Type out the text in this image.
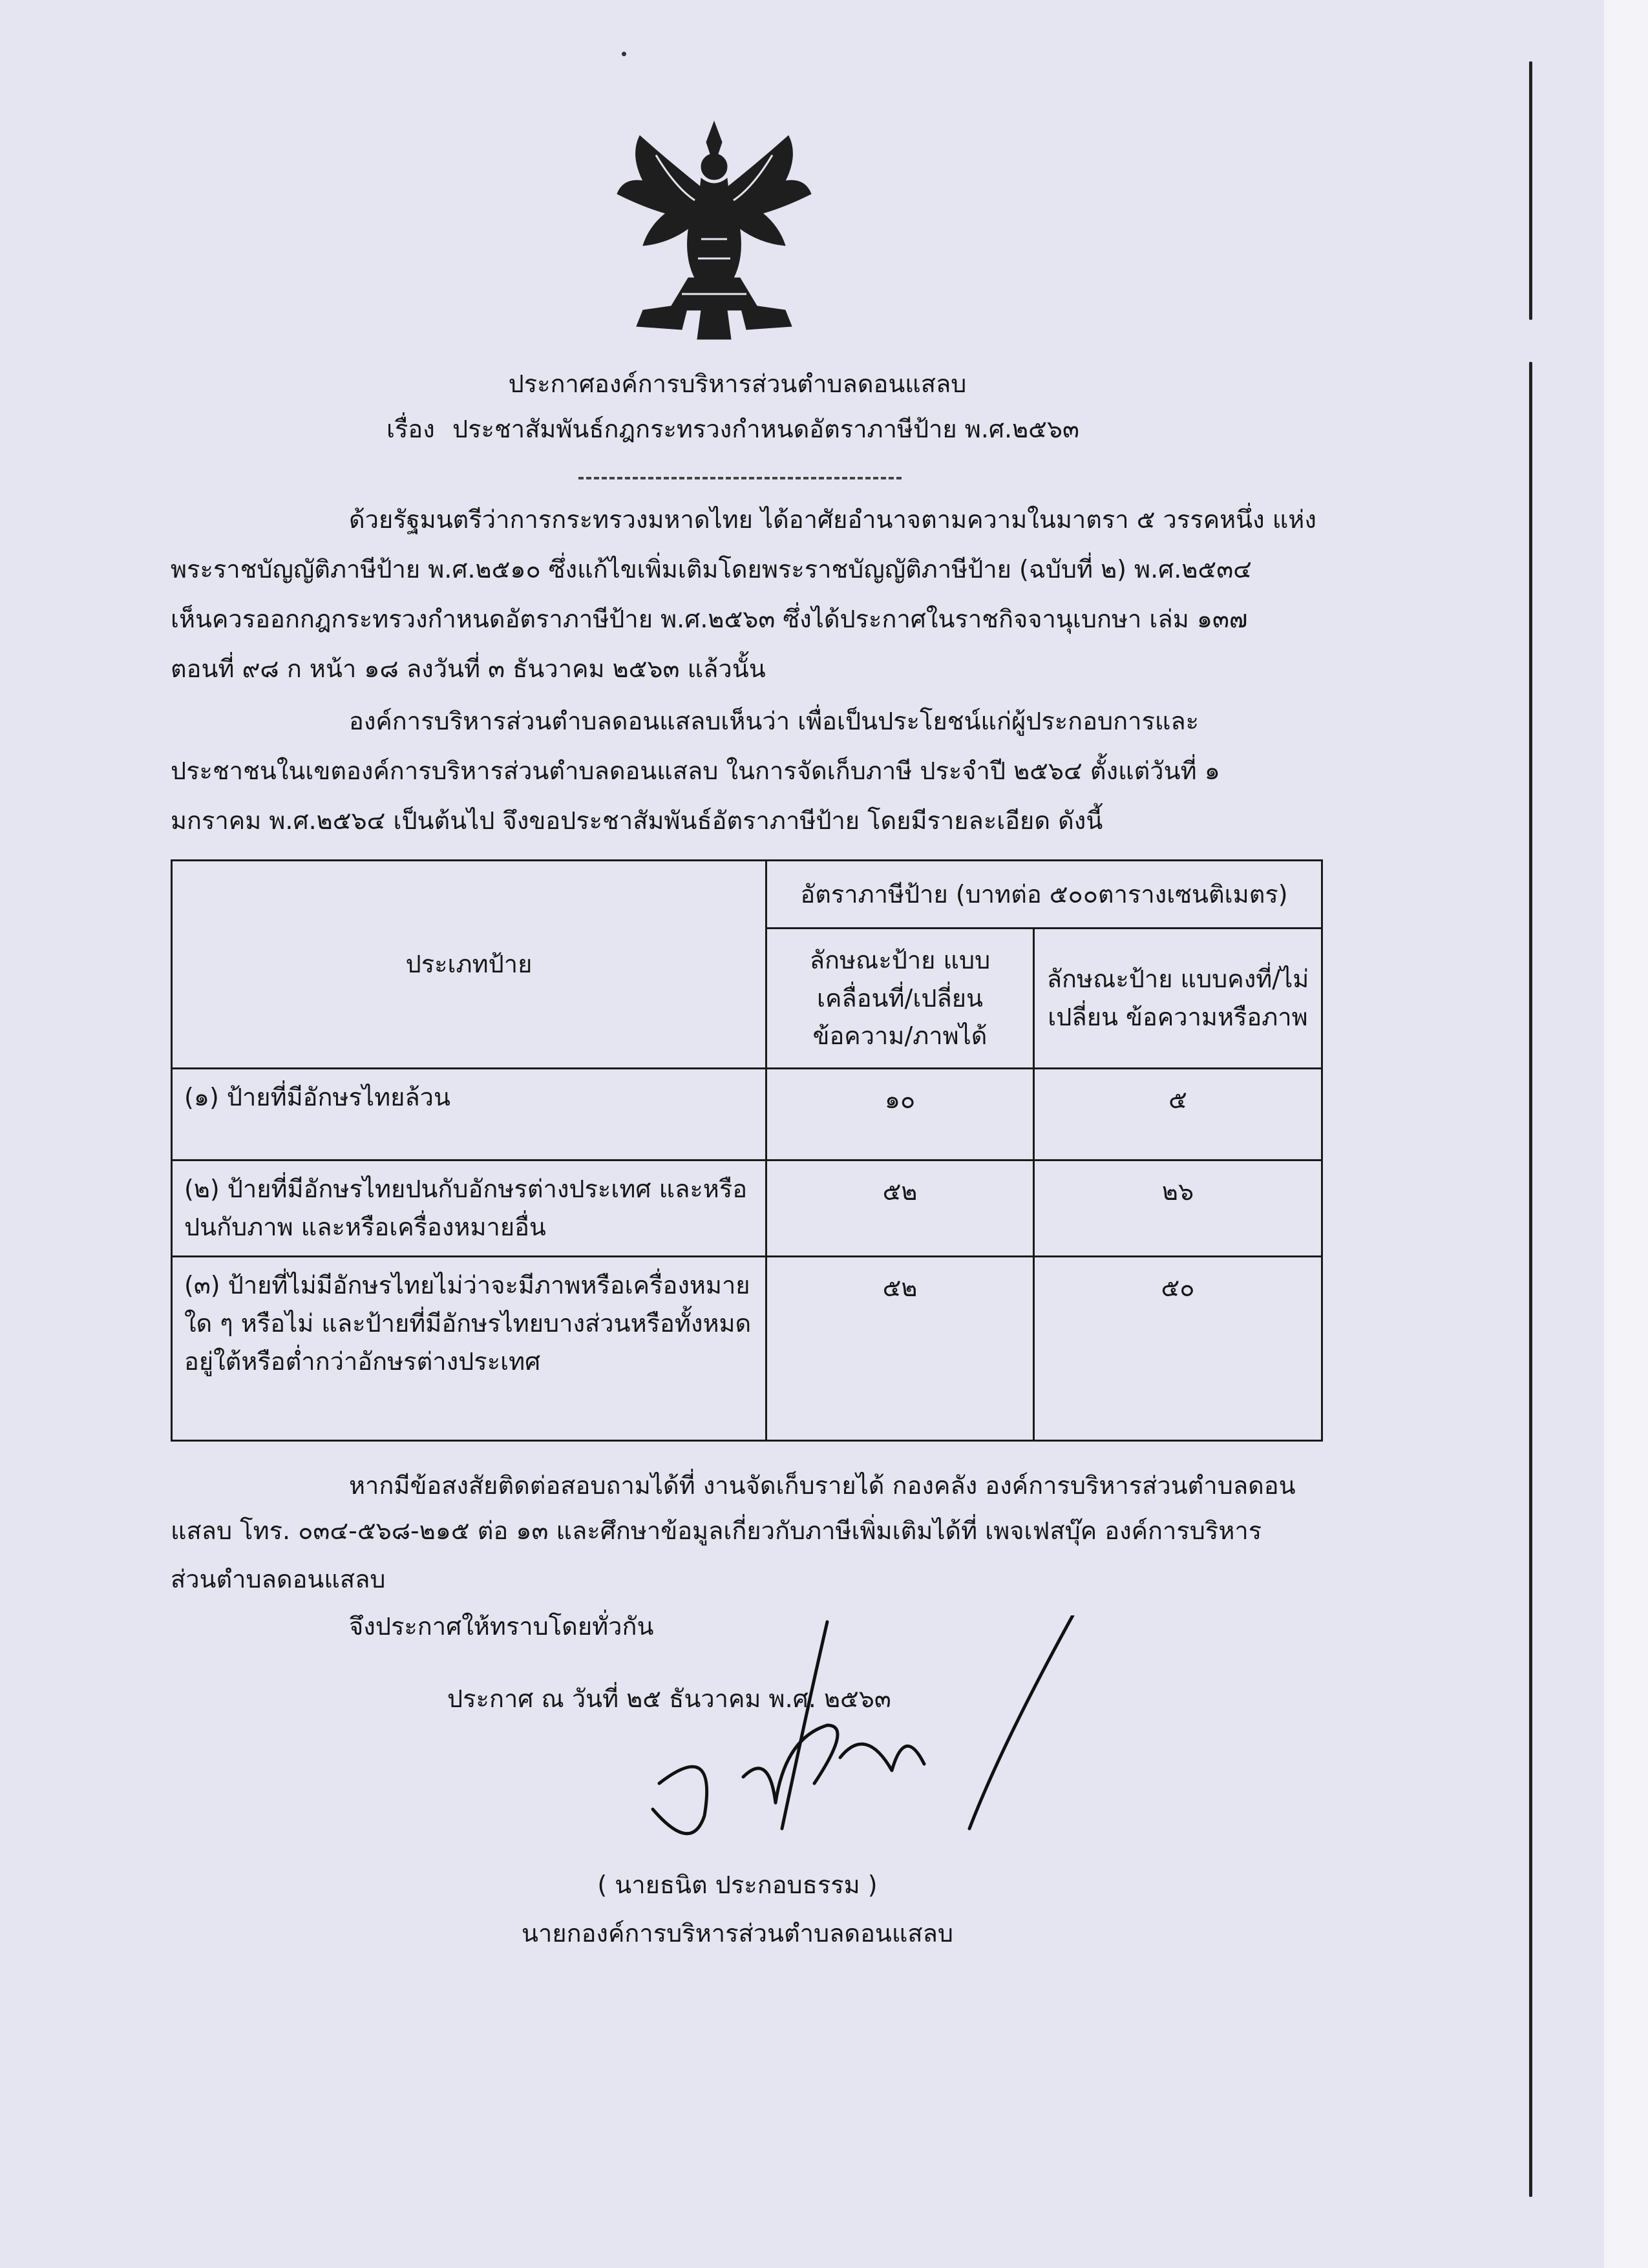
ประกาศองค์การบริหารส่วนตำบลดอนแสลบ
เรื่อง ประชาสัมพันธ์กฎกระทรวงกำหนดอัตราภาษีป้าย พ.ศ.๒๕๖๓
ด้วยรัฐมนตรีว่าการกระทรวงมหาดไทย ได้อาศัยอำนาจตามความในมาตรา ๕ วรรคหนึ่ง แห่ง
พระราชบัญญัติภาษีป้าย พ.ศ.๒๕๑๐ ซึ่งแก้ไขเพิ่มเติมโดยพระราชบัญญัติภาษีป้าย (ฉบับที่ ๒) พ.ศ.๒๕๓๔
เห็นควรออกกฎกระทรวงกำหนดอัตราภาษีป้าย พ.ศ.๒๕๖๓ ซึ่งได้ประกาศในราชกิจจานุเบกษา เล่ม ๑๓๗
ตอนที่ ๙๘ ก หน้า ๑๘ ลงวันที่ ๓ ธันวาคม ๒๕๖๓ แล้วนั้น
องค์การบริหารส่วนตำบลดอนแสลบเห็นว่า เพื่อเป็นประโยชน์แก่ผู้ประกอบการและ
ประชาชนในเขตองค์การบริหารส่วนตำบลดอนแสลบ ในการจัดเก็บภาษี ประจำปี ๒๕๖๔ ตั้งแต่วันที่ ๑
มกราคม พ.ศ.๒๕๖๔ เป็นต้นไป จึงขอประชาสัมพันธ์อัตราภาษีป้าย โดยมีรายละเอียด ดังนี้
ประเภทป้าย	อัตราภาษีป้าย (บาทต่อ ๕๐๐ตารางเซนติเมตร)	
	ลักษณะป้าย แบบเคลื่อนที่/เปลี่ยน ข้อความ/ภาพได้	ลักษณะป้าย แบบคงที่/ไม่เปลี่ยน ข้อความหรือภาพ
(๑) ป้ายที่มีอักษรไทยล้วน	๑๐	๕
(๒) ป้ายที่มีอักษรไทยปนกับอักษรต่างประเทศ และหรือปนกับภาพ และหรือเครื่องหมายอื่น	๕๒	๒๖
(๓) ป้ายที่ไม่มีอักษรไทยไม่ว่าจะมีภาพหรือเครื่องหมายใด ๆ หรือไม่ และป้ายที่มีอักษรไทยบางส่วนหรือทั้งหมดอยู่ใต้หรือต่ำกว่าอักษรต่างประเทศ	๕๒	๕๐
หากมีข้อสงสัยติดต่อสอบถามได้ที่ งานจัดเก็บรายได้ กองคลัง องค์การบริหารส่วนตำบลดอน
แสลบ โทร. ๐๓๔-๕๖๘-๒๑๕ ต่อ ๑๓ และศึกษาข้อมูลเกี่ยวกับภาษีเพิ่มเติมได้ที่ เพจเฟสบุ๊ค องค์การบริหาร
ส่วนตำบลดอนแสลบ
จึงประกาศให้ทราบโดยทั่วกัน
ประกาศ ณ วันที่ ๒๕ ธันวาคม พ.ศ. ๒๕๖๓
( นายธนิต ประกอบธรรม )
นายกองค์การบริหารส่วนตำบลดอนแสลบ
